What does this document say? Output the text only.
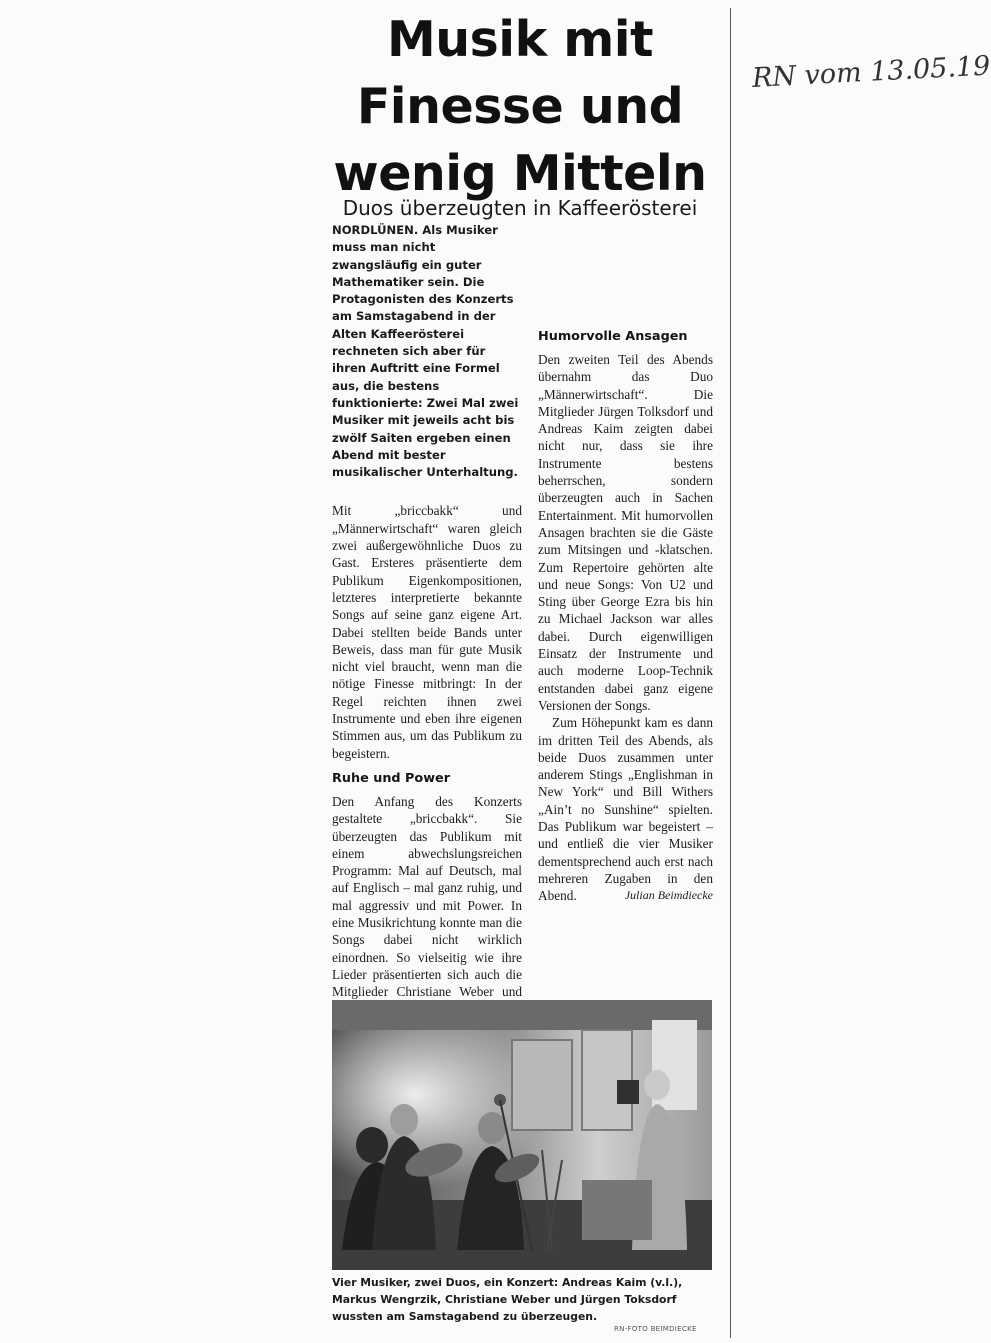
RN vom 13.05.19
Musik mit
Finesse und
wenig Mitteln
Duos überzeugten in Kaffeerösterei

NORDLÜNEN. Als Musiker muss man nicht zwangsläufig ein guter Mathematiker sein. Die Protagonisten des Konzerts am Samstagabend in der Alten Kaffeerösterei rechneten sich aber für ihren Auftritt eine Formel aus, die bestens funktionierte: Zwei Mal zwei Musiker mit jeweils acht bis zwölf Saiten ergeben einen Abend mit bester musikalischer Unterhaltung.

Mit „briccbakk“ und „Männerwirtschaft“ waren gleich zwei außergewöhnliche Duos zu Gast. Ersteres präsentierte dem Publikum Eigenkompositionen, letzteres interpretierte bekannte Songs auf seine ganz eigene Art. Dabei stellten beide Bands unter Beweis, dass man für gute Musik nicht viel braucht, wenn man die nötige Finesse mitbringt: In der Regel reichten ihnen zwei Instrumente und eben ihre eigenen Stimmen aus, um das Publikum zu begeistern.

Ruhe und Power

Den Anfang des Konzerts gestaltete „briccbakk“. Sie überzeugten das Publikum mit einem abwechslungsreichen Programm: Mal auf Deutsch, mal auf Englisch – mal ganz ruhig, und mal aggressiv und mit Power. In eine Musikrichtung konnte man die Songs dabei nicht wirklich einordnen. So vielseitig wie ihre Lieder präsentierten sich auch die Mitglieder Christiane Weber und

Humorvolle Ansagen

Den zweiten Teil des Abends übernahm das Duo „Männerwirtschaft“. Die Mitglieder Jürgen Tolksdorf und Andreas Kaim zeigten dabei nicht nur, dass sie ihre Instrumente bestens beherrschen, sondern überzeugten auch in Sachen Entertainment. Mit humorvollen Ansagen brachten sie die Gäste zum Mitsingen und -klatschen. Zum Repertoire gehörten alte und neue Songs: Von U2 und Sting über George Ezra bis hin zu Michael Jackson war alles dabei. Durch eigenwilligen Einsatz der Instrumente und auch moderne Loop-Technik entstanden dabei ganz eigene Versionen der Songs.

Zum Höhepunkt kam es dann im dritten Teil des Abends, als beide Duos zusammen unter anderem Stings „Englishman in New York“ und Bill Withers „Ain’t no Sunshine“ spielten. Das Publikum war begeistert – und entließ die vier Musiker dementsprechend auch erst nach mehreren Zugaben in den Abend.	Julian Beimdiecke

Vier Musiker, zwei Duos, ein Konzert: Andreas Kaim (v.l.), Markus Wengrzik, Christiane Weber und Jürgen Toksdorf wussten am Samstagabend zu überzeugen.

RN-FOTO BEIMDIECKE
